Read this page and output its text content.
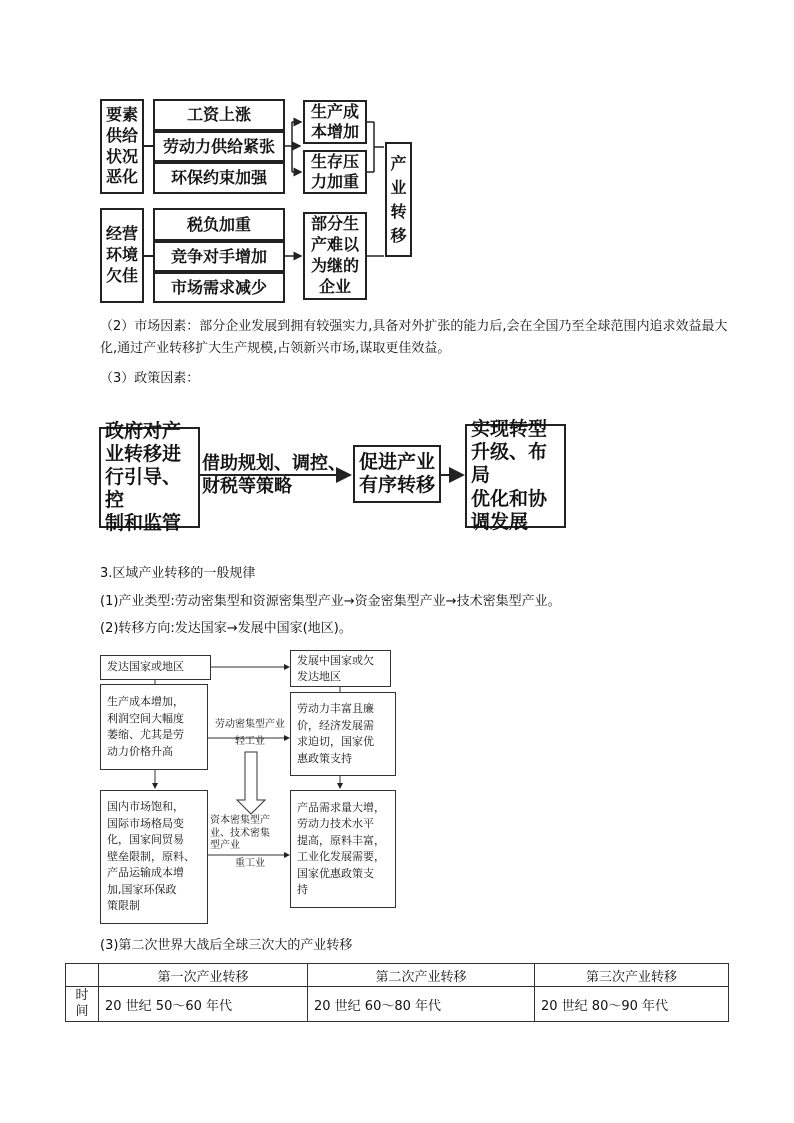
要素
供给
状况
恶化
工资上涨
劳动力供给紧张
环保约束加强
生产成
本增加
生存压
力加重
产
业
转
移
经营
环境
欠佳
税负加重
竞争对手增加
市场需求减少
部分生
产难以
为继的
企业
（2）市场因素：部分企业发展到拥有较强实力,具备对外扩张的能力后,会在全国乃至全球范围内追求效益最大化,通过产业转移扩大生产规模,占领新兴市场,谋取更佳效益。
（3）政策因素：
政府对产
业转移进
行引导、控
制和监管
借助规划、调控、
财税等策略
促进产业
有序转移
实现转型
升级、布局
优化和协
调发展
3.区域产业转移的一般规律
(1)产业类型:劳动密集型和资源密集型产业→资金密集型产业→技术密集型产业。
(2)转移方向:发达国家→发展中国家(地区)。
发达国家或地区
发展中国家或欠
发达地区
生产成本增加，
利润空间大幅度
萎缩、尤其是劳
动力价格升高
劳动力丰富且廉
价，经济发展需
求迫切，国家优
惠政策支持
劳动密集型产业
轻工业
国内市场饱和，
国际市场格局变
化，国家间贸易
壁垒限制，原料、
产品运输成本增
加,国家环保政
策限制
产品需求量大增，
劳动力技术水平
提高，原料丰富，
工业化发展需要，
国家优惠政策支
持
资本密集型产
业、技术密集
型产业
重工业
(3)第二次世界大战后全球三次大的产业转移
	第一次产业转移	第二次产业转移	第三次产业转移
时
间	20 世纪 50～60 年代	20 世纪 60～80 年代	20 世纪 80～90 年代
